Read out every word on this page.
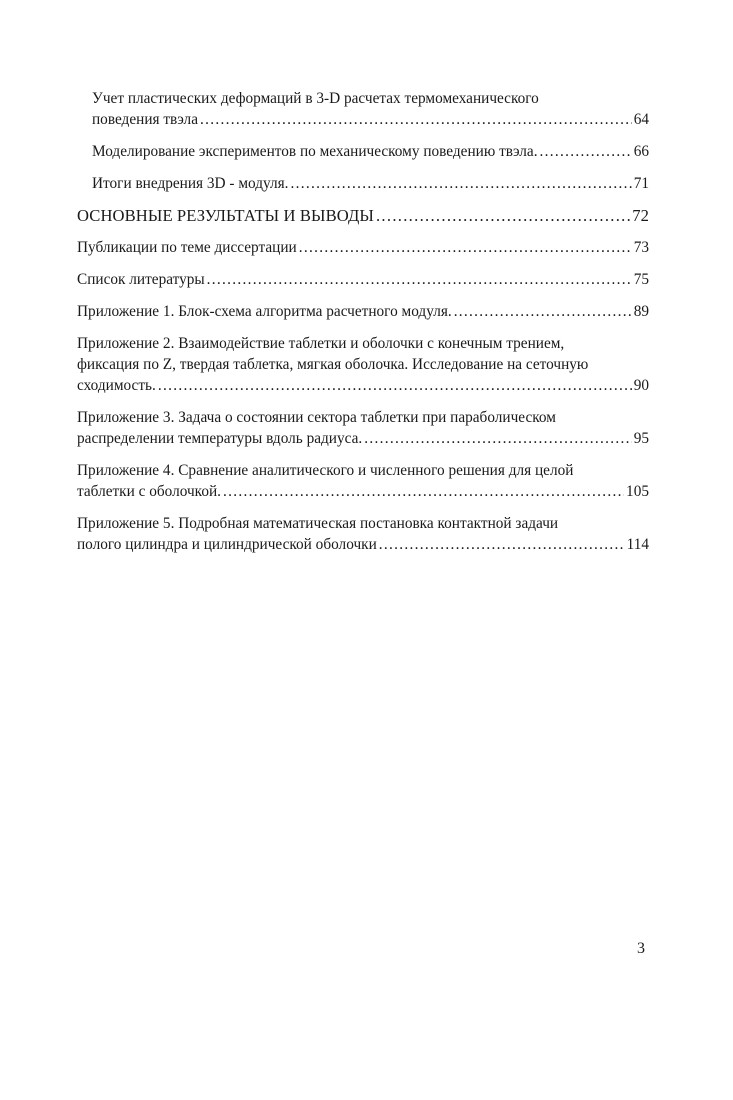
Учет пластических деформаций в 3-D расчетах термомеханического
поведения твэла .....	64
Моделирование экспериментов по механическому поведению твэла. .....	66
Итоги внедрения 3D - модуля. .....	71
ОСНОВНЫЕ РЕЗУЛЬТАТЫ И ВЫВОДЫ .....	72
Публикации по теме диссертации .....	73
Список литературы .....	75
Приложение 1. Блок-схема алгоритма расчетного модуля. .....	89
Приложение 2. Взаимодействие таблетки и оболочки с конечным трением,
фиксация по Z, твердая таблетка, мягкая оболочка. Исследование на сеточную
сходимость. .....	90
Приложение 3. Задача о состоянии сектора таблетки при параболическом
распределении температуры вдоль радиуса. .....	95
Приложение 4. Сравнение аналитического и численного решения для целой
таблетки с оболочкой. .....	105
Приложение 5. Подробная математическая постановка контактной задачи
полого цилиндра и цилиндрической оболочки .....	114
3
